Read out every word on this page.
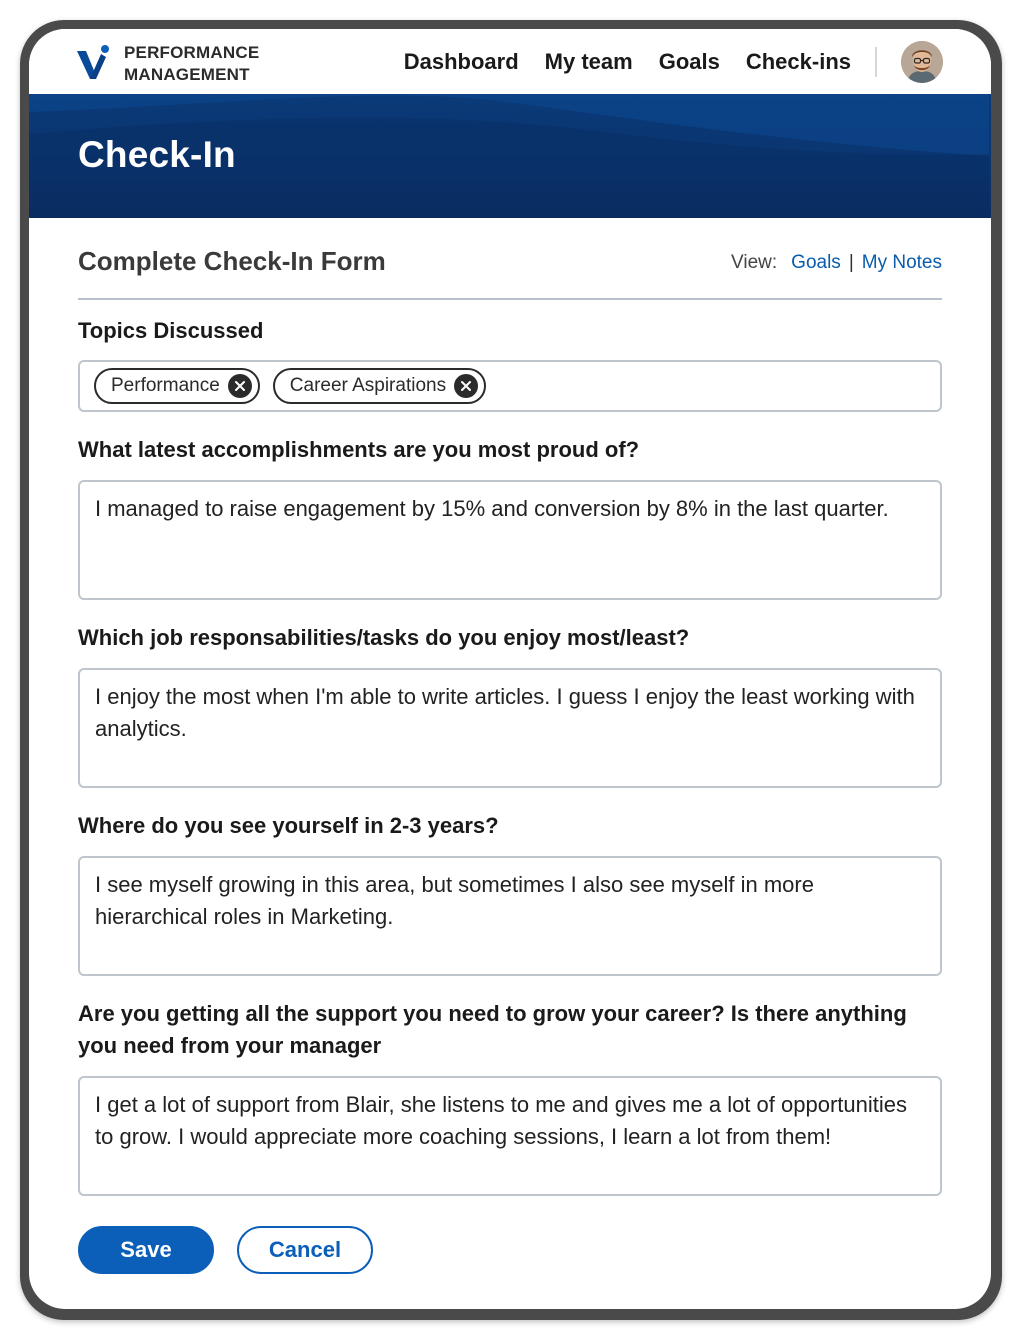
PERFORMANCE
MANAGEMENT
Dashboard My team Goals Check-ins
Check-In
Complete Check-In Form	View: Goals | My Notes
Topics Discussed
Performance	Career Aspirations
What latest accomplishments are you most proud of?
I managed to raise engagement by 15% and conversion by 8% in the last quarter.
Which job responsabilities/tasks do you enjoy most/least?
I enjoy the most when I'm able to write articles. I guess I enjoy the least working with analytics.
Where do you see yourself in 2-3 years?
I see myself growing in this area, but sometimes I also see myself in more hierarchical roles in Marketing.
Are you getting all the support you need to grow your career? Is there anything you need from your manager
I get a lot of support from Blair, she listens to me and gives me a lot of opportunities to grow. I would appreciate more coaching sessions, I learn a lot from them!
Save	Cancel
